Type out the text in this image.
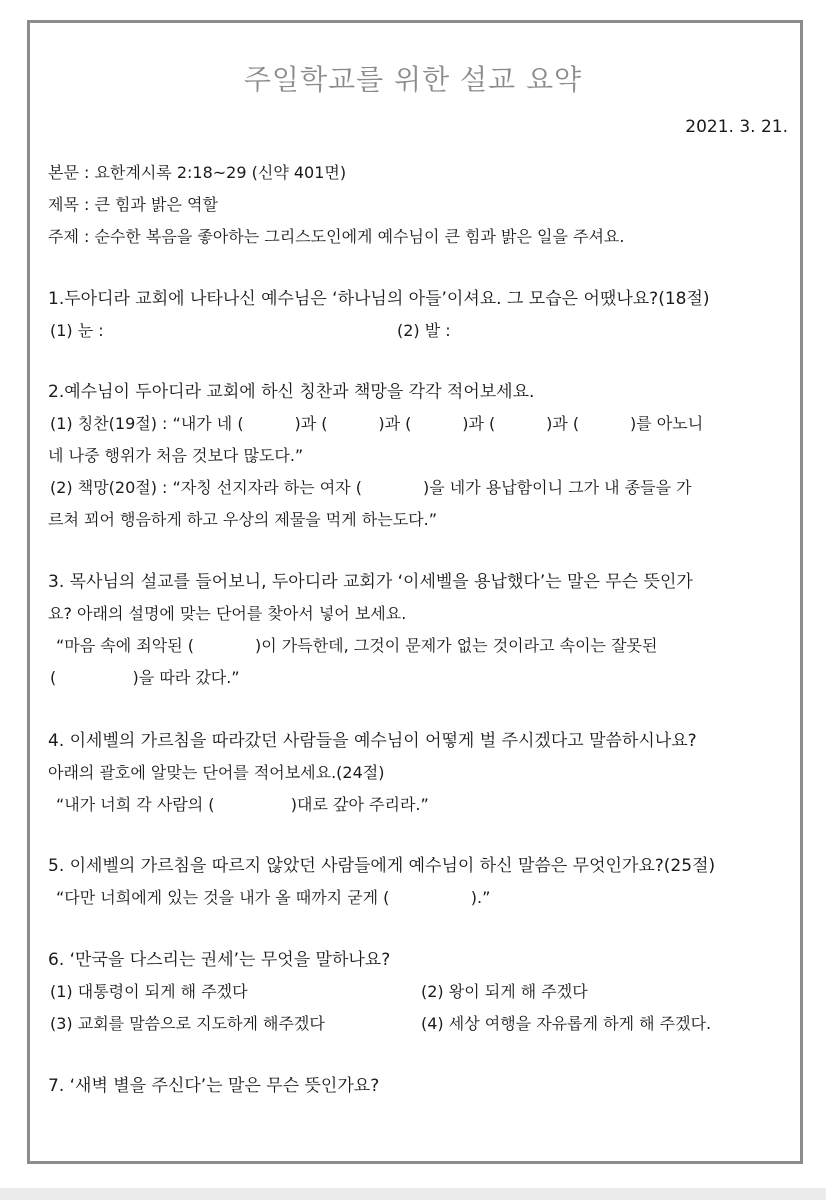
주일학교를 위한 설교 요약
2021. 3. 21.
본문 : 요한계시록 2:18~29 (신약 401면)
제목 : 큰 힘과 밝은 역할
주제 : 순수한 복음을 좋아하는 그리스도인에게 예수님이 큰 힘과 밝은 일을 주셔요.
1.두아디라 교회에 나타나신 예수님은 ‘하나님의 아들’이셔요. 그 모습은 어땠나요?(18절)
(1) 눈 :	(2) 발 :
2.예수님이 두아디라 교회에 하신 칭찬과 책망을 각각 적어보세요.
(1) 칭찬(19절) : “내가 네 (          )과 (          )과 (          )과 (          )과 (          )를 아노니
네 나중 행위가 처음 것보다 많도다.”
(2) 책망(20절) : “자칭 선지자라 하는 여자 (            )을 네가 용납함이니 그가 내 종들을 가
르쳐 꾀어 행음하게 하고 우상의 제물을 먹게 하는도다.”
3. 목사님의 설교를 들어보니, 두아디라 교회가 ‘이세벨을 용납했다’는 말은 무슨 뜻인가
요? 아래의 설명에 맞는 단어를 찾아서 넣어 보세요.
“마음 속에 죄악된 (            )이 가득한데, 그것이 문제가 없는 것이라고 속이는 잘못된
(               )을 따라 갔다.”
4. 이세벨의 가르침을 따라갔던 사람들을 예수님이 어떻게 벌 주시겠다고 말씀하시나요?
아래의 괄호에 알맞는 단어를 적어보세요.(24절)
“내가 너희 각 사람의 (               )대로 갚아 주리라.”
5. 이세벨의 가르침을 따르지 않았던 사람들에게 예수님이 하신 말씀은 무엇인가요?(25절)
“다만 너희에게 있는 것을 내가 올 때까지 굳게 (                ).”
6. ‘만국을 다스리는 권세’는 무엇을 말하나요?
(1) 대통령이 되게 해 주겠다	(2) 왕이 되게 해 주겠다
(3) 교회를 말씀으로 지도하게 해주겠다	(4) 세상 여행을 자유롭게 하게 해 주겠다.
7. ‘새벽 별을 주신다’는 말은 무슨 뜻인가요?
